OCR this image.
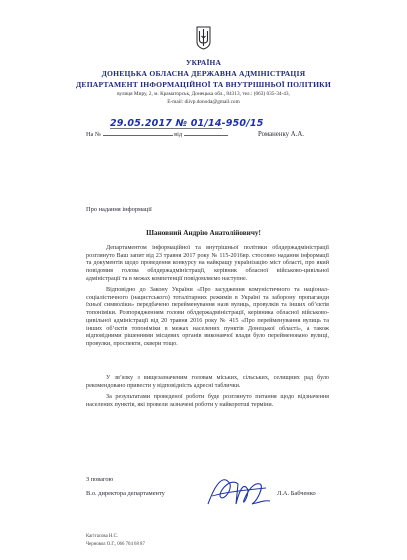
УКРАЇНА
ДОНЕЦЬКА ОБЛАСНА ДЕРЖАВНА АДМІНІСТРАЦІЯ
ДЕПАРТАМЕНТ ІНФОРМАЦІЙНОЇ ТА ВНУТРІШНЬОЇ ПОЛІТИКИ
вулиця Миру, 2, м. Краматорськ, Донецька обл., 84313, тел.: (063) 035-34-43,
E-mail: diivp.donoda@gmail.com
29.05.2017 № 01/14-950/15
На №	від	Романенку А.А.
Про надання інформації
Шановний Андрію Анатолійовичу!
Департаментом інформаційної та внутрішньої політики облдержадміністрації розглянуто Ваш запит від 23 травня 2017 року № 115-2016вр. стосовно надання інформації та документів щодо проведення конкурсу на найкращу українізацію міст області, про який повідомив голова облдержадміністрації, керівник обласної військово-цивільної адміністрації та в межах компетенції повідомляємо наступне.
Відповідно до Закону України «Про засудження комуністичного та націонал-соціалістичного (нацистського) тоталітарних режимів в Україні та заборону пропаганди їхньої символіки» передбачено перейменування назв вулиць, провулків та інших об’єктів топоніміки. Розпорядженням голови облдержадміністрації, керівника обласної військово-цивільної адміністрації від 20 травня 2016 року № 415 «Про перейменування вулиць та інших об’єктів топоніміки в межах населених пунктів Донецької області», а також відповідними рішеннями місцевих органів виконавчої влади було перейменовано вулиці, провулки, проспекти, сквери тощо.
У зв’язку з вищезазначеним головам міських, сільських, селищних рад було рекомендовано привести у відповідність адресні таблички.
За результатами проведеної роботи буде розглянуто питання щодо відзначення населених пунктів, які провели зазначені роботи у найкоротші терміни.
З повагою
В.о. директора департаменту	Л.А. Бабченко
Кагітасова Н.С.
Черновол О.Г., 066 704 68 87
